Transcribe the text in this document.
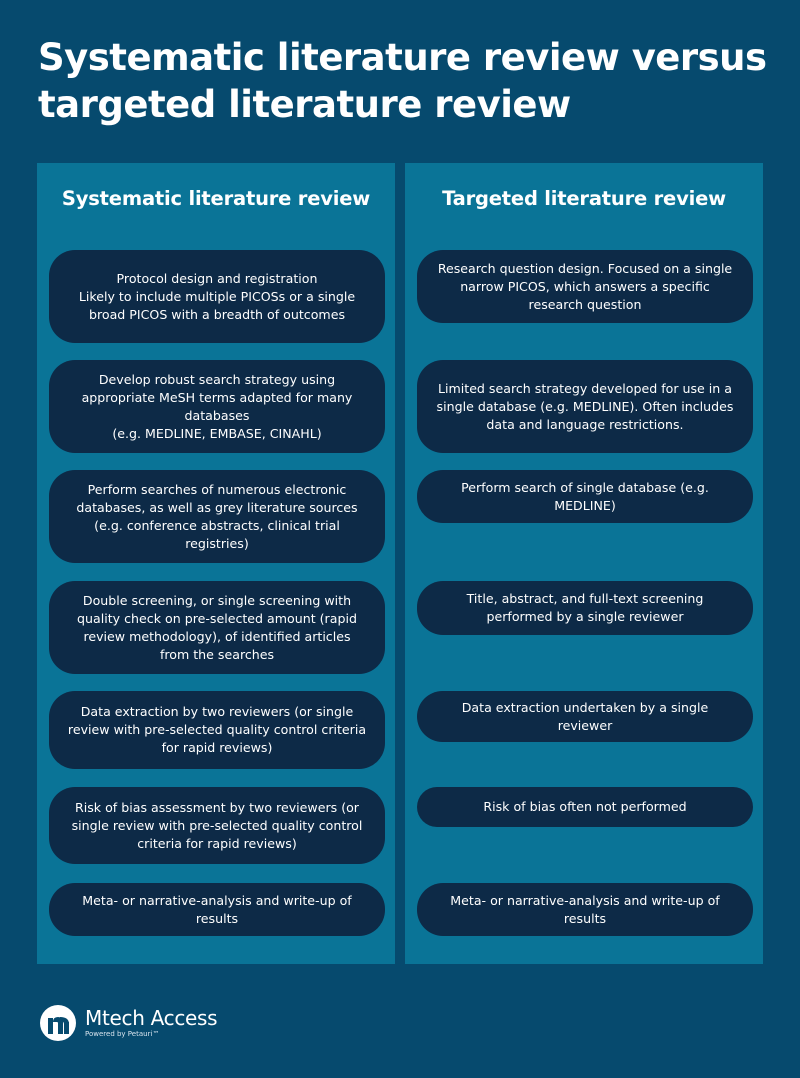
Systematic literature review versus targeted literature review
Systematic literature review
Protocol design and registration
Likely to include multiple PICOSs or a single broad PICOS with a breadth of outcomes
Develop robust search strategy using appropriate MeSH terms adapted for many databases
(e.g. MEDLINE, EMBASE, CINAHL)
Perform searches of numerous electronic databases, as well as grey literature sources (e.g. conference abstracts, clinical trial registries)
Double screening, or single screening with quality check on pre-selected amount (rapid review methodology), of identified articles from the searches
Data extraction by two reviewers (or single review with pre-selected quality control criteria for rapid reviews)
Risk of bias assessment by two reviewers (or single review with pre-selected quality control criteria for rapid reviews)
Meta- or narrative-analysis and write-up of results
Targeted literature review
Research question design. Focused on a single narrow PICOS, which answers a specific research question
Limited search strategy developed for use in a single database (e.g. MEDLINE). Often includes data and language restrictions.
Perform search of single database (e.g. MEDLINE)
Title, abstract, and full-text screening performed by a single reviewer
Data extraction undertaken by a single reviewer
Risk of bias often not performed
Meta- or narrative-analysis and write-up of results
Mtech Access
Powered by Petauri™
